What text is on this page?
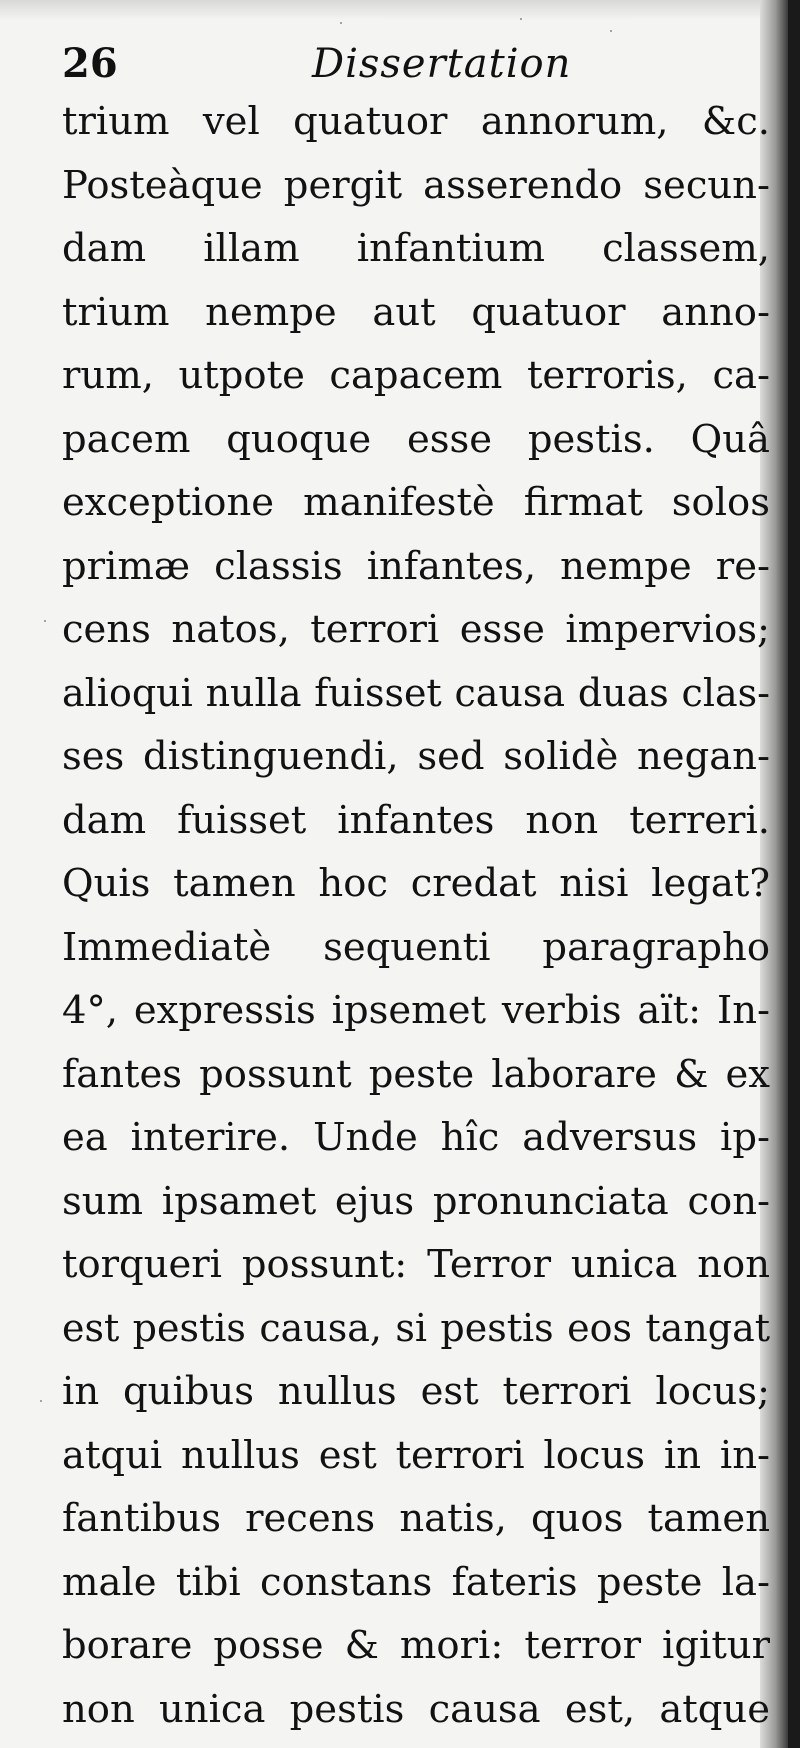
26	Dissertation
trium vel quatuor annorum, &c.
Posteàque pergit asserendo secun-
dam illam infantium classem,
trium nempe aut quatuor anno-
rum, utpote capacem terroris, ca-
pacem quoque esse pestis. Quâ
exceptione manifestè firmat solos
primæ classis infantes, nempe re-
cens natos, terrori esse impervios;
alioqui nulla fuisset causa duas clas-
ses distinguendi, sed solidè negan-
dam fuisset infantes non terreri.
Quis tamen hoc credat nisi legat?
Immediatè sequenti paragrapho
4°, expressis ipsemet verbis aït: In-
fantes possunt peste laborare & ex
ea interire. Unde hîc adversus ip-
sum ipsamet ejus pronunciata con-
torqueri possunt: Terror unica non
est pestis causa, si pestis eos tangat
in quibus nullus est terrori locus;
atqui nullus est terrori locus in in-
fantibus recens natis, quos tamen
male tibi constans fateris peste la-
borare posse & mori: terror igitur
non unica pestis causa est, atque
